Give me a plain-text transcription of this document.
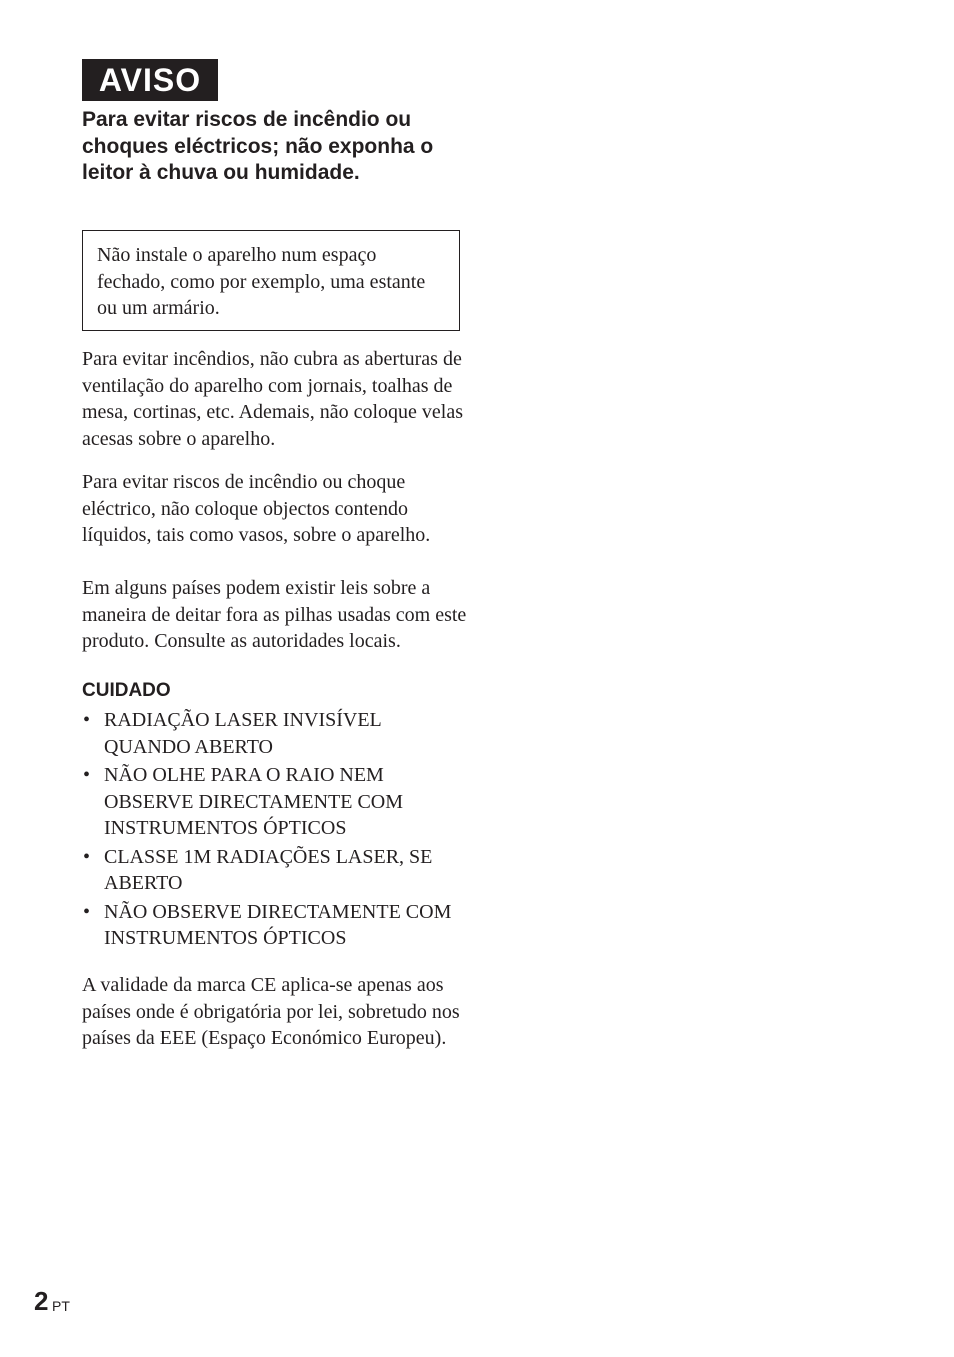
AVISO

Para evitar riscos de incêndio ou choques eléctricos; não exponha o leitor à chuva ou humidade.

Não instale o aparelho num espaço fechado, como por exemplo, uma estante ou um armário.

Para evitar incêndios, não cubra as aberturas de ventilação do aparelho com jornais, toalhas de mesa, cortinas, etc. Ademais, não coloque velas acesas sobre o aparelho.

Para evitar riscos de incêndio ou choque eléctrico, não coloque objectos contendo líquidos, tais como vasos, sobre o aparelho.

Em alguns países podem existir leis sobre a maneira de deitar fora as pilhas usadas com este produto. Consulte as autoridades locais.

CUIDADO
• RADIAÇÃO LASER INVISÍVEL QUANDO ABERTO
• NÃO OLHE PARA O RAIO NEM OBSERVE DIRECTAMENTE COM INSTRUMENTOS ÓPTICOS
• CLASSE 1M RADIAÇÕES LASER, SE ABERTO
• NÃO OBSERVE DIRECTAMENTE COM INSTRUMENTOS ÓPTICOS

A validade da marca CE aplica-se apenas aos países onde é obrigatória por lei, sobretudo nos países da EEE (Espaço Económico Europeu).

2 PT
